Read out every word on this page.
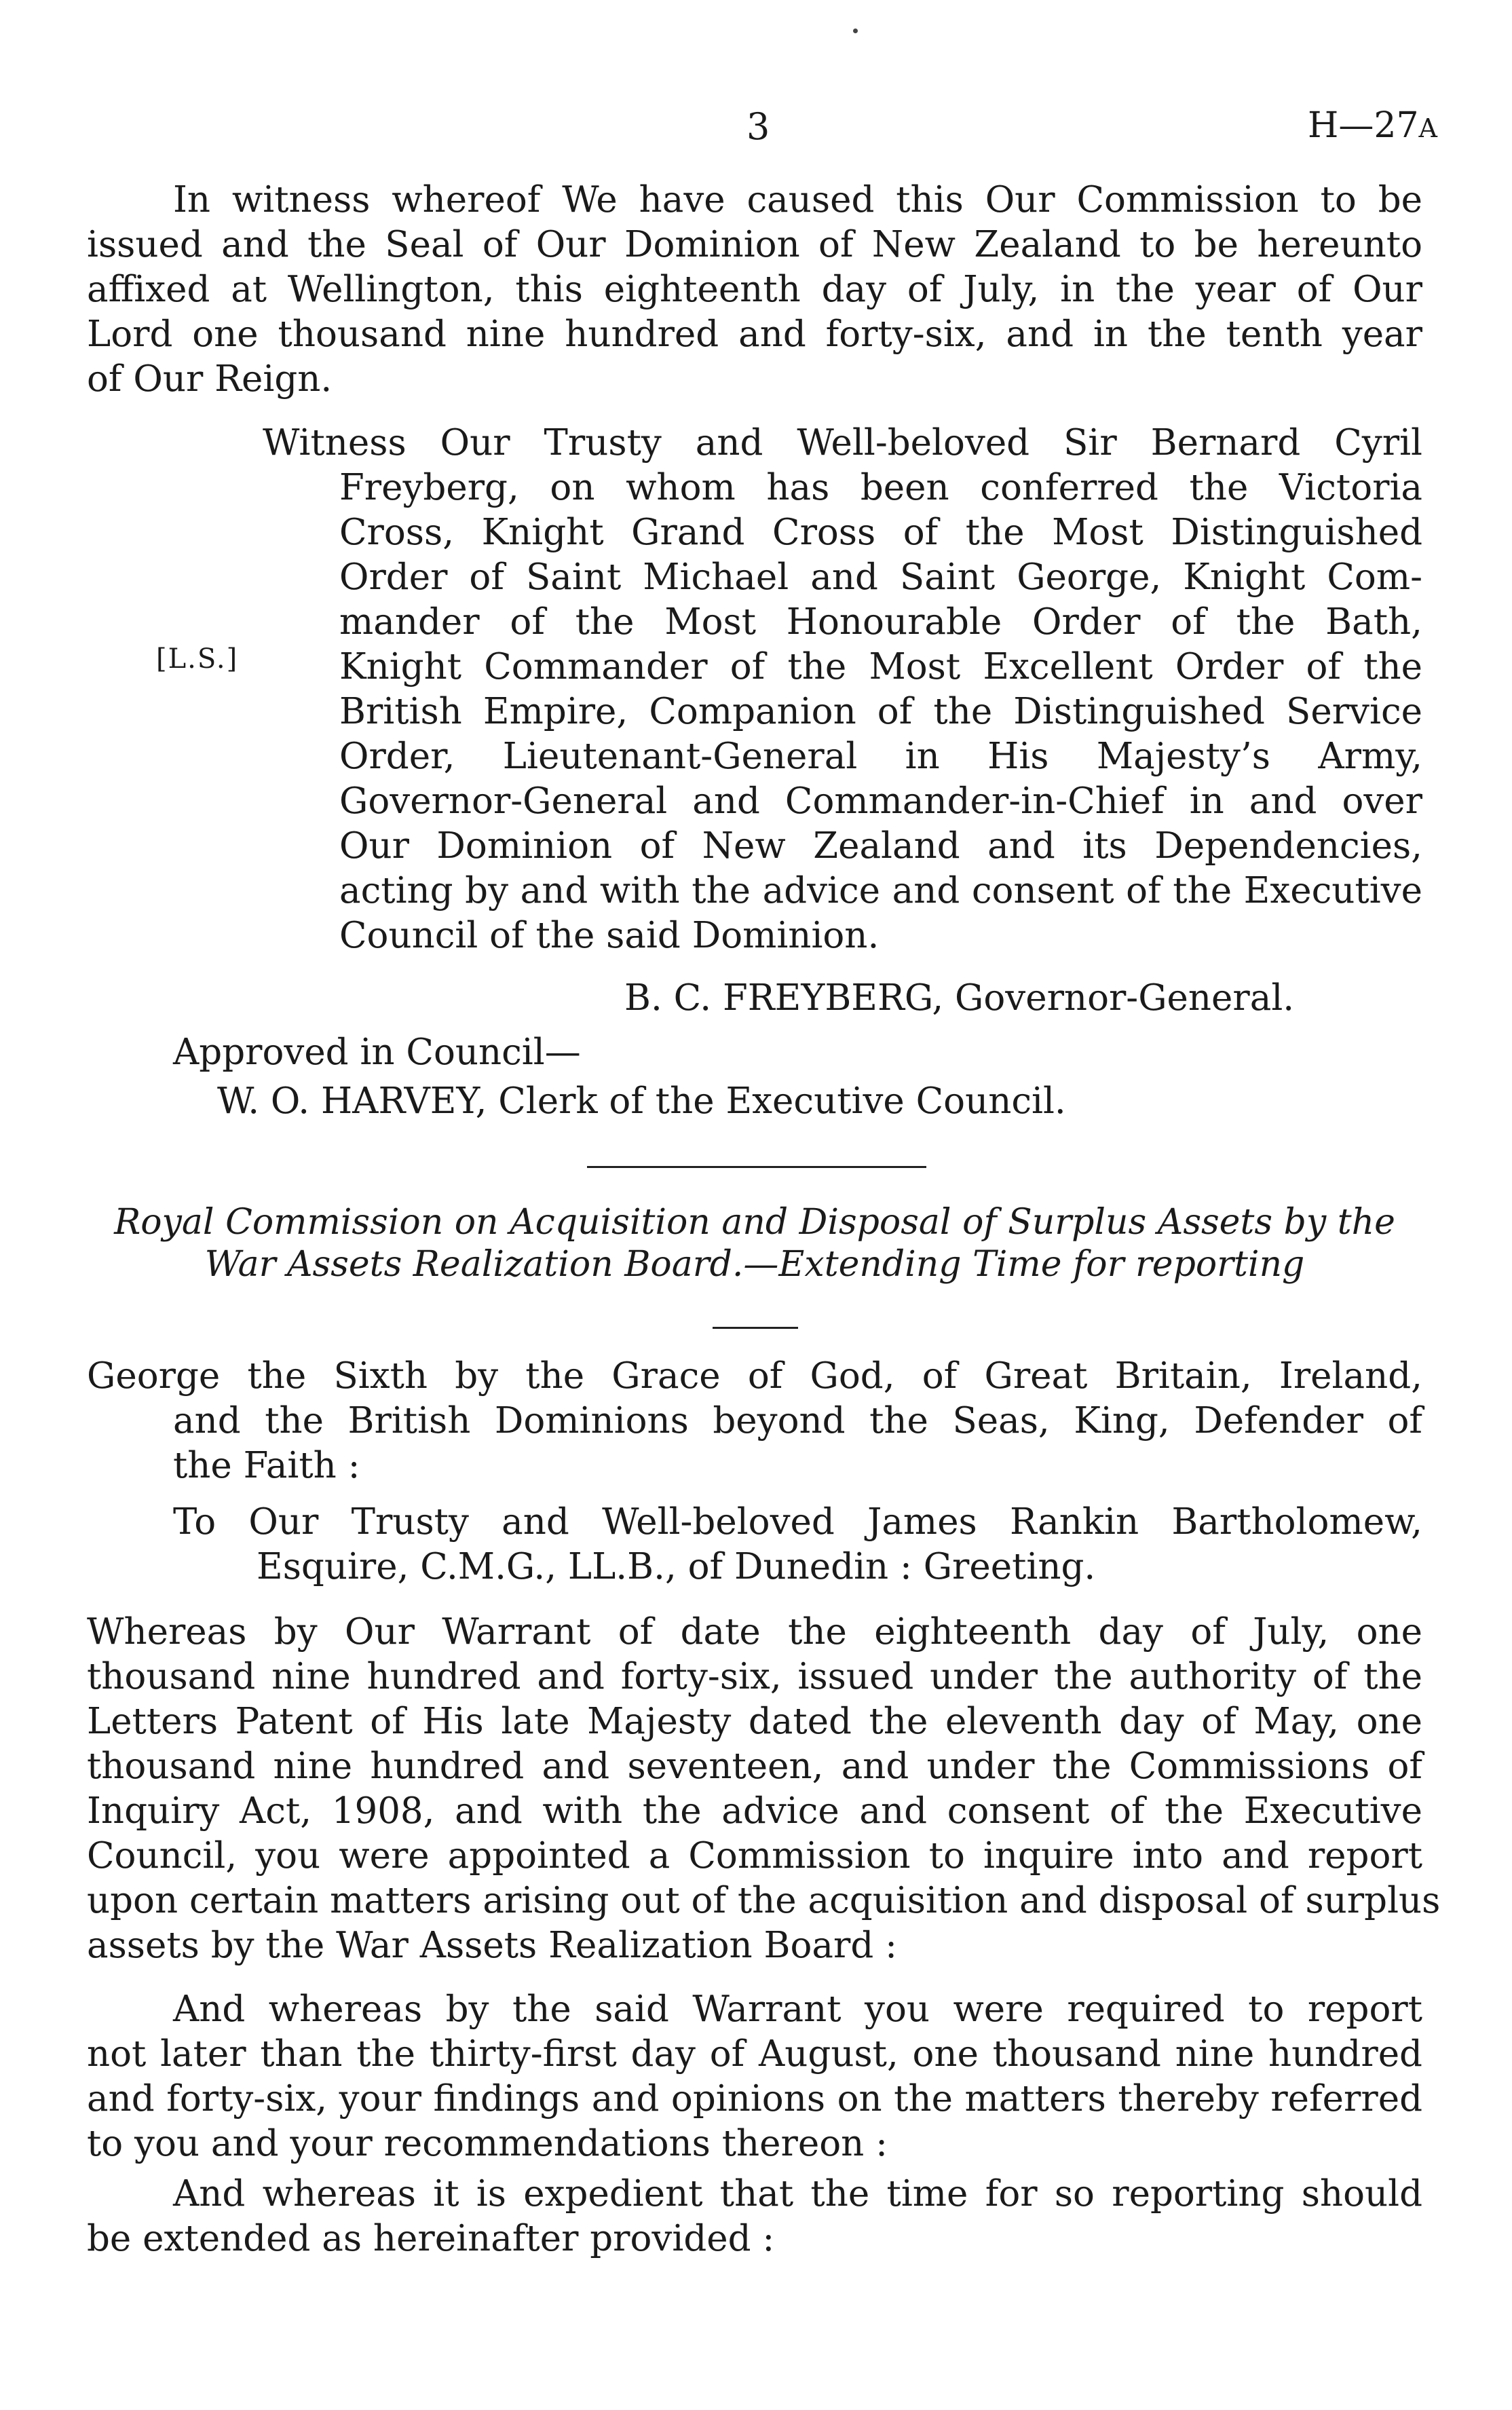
3	H—27A
In witness whereof We have caused this Our Commission to be
issued and the Seal of Our Dominion of New Zealand to be hereunto
affixed at Wellington, this eighteenth day of July, in the year of Our
Lord one thousand nine hundred and forty-six, and in the tenth year
of Our Reign.
[L.S.]
Witness Our Trusty and Well-beloved Sir Bernard Cyril
Freyberg, on whom has been conferred the Victoria
Cross, Knight Grand Cross of the Most Distinguished
Order of Saint Michael and Saint George, Knight Com-
mander of the Most Honourable Order of the Bath,
Knight Commander of the Most Excellent Order of the
British Empire, Companion of the Distinguished Service
Order, Lieutenant-General in His Majesty’s Army,
Governor-General and Commander-in-Chief in and over
Our Dominion of New Zealand and its Dependencies,
acting by and with the advice and consent of the Executive
Council of the said Dominion.
B. C. FREYBERG, Governor-General.
Approved in Council—
W. O. HARVEY, Clerk of the Executive Council.
Royal Commission on Acquisition and Disposal of Surplus Assets by the
War Assets Realization Board.—Extending Time for reporting
George the Sixth by the Grace of God, of Great Britain, Ireland,
and the British Dominions beyond the Seas, King, Defender of
the Faith :
To Our Trusty and Well-beloved James Rankin Bartholomew,
Esquire, C.M.G., LL.B., of Dunedin : Greeting.
Whereas by Our Warrant of date the eighteenth day of July, one
thousand nine hundred and forty-six, issued under the authority of the
Letters Patent of His late Majesty dated the eleventh day of May, one
thousand nine hundred and seventeen, and under the Commissions of
Inquiry Act, 1908, and with the advice and consent of the Executive
Council, you were appointed a Commission to inquire into and report
upon certain matters arising out of the acquisition and disposal of surplus
assets by the War Assets Realization Board :
And whereas by the said Warrant you were required to report
not later than the thirty-first day of August, one thousand nine hundred
and forty-six, your findings and opinions on the matters thereby referred
to you and your recommendations thereon :
And whereas it is expedient that the time for so reporting should
be extended as hereinafter provided :
